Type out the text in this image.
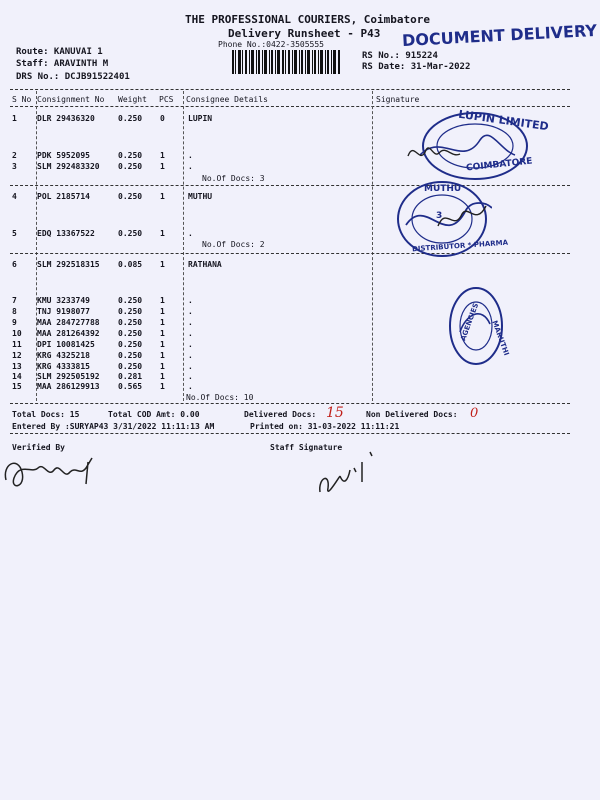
THE PROFESSIONAL COURIERS, Coimbatore
Delivery Runsheet - P43
Phone No.:0422-3505555	DOCUMENT DELIVERY
Route: KANUVAI 1
Staff: ARAVINTH M
DRS No.: DCJB91522401
RS No.: 915224
RS Date: 31-Mar-2022
S No Consignment No Weight PCS Consignee Details	Signature
1	DLR 29436320	0.250 0	LUPIN
2	PDK 5952095	0.250 1	.
3	SLM 292483320 0.250 1	.
No.Of Docs: 3
4	POL 2185714	0.250 1	MUTHU
5	EDQ 13367522	0.250 1	.
No.Of Docs: 2
6	SLM 292518315 0.085 1	RATHANA
7	KMU 3233749	0.250 1	.
8	TNJ 9198077	0.250 1	.
9	MAA 284727788 0.250 1	.
10 MAA 281264392 0.250 1	.
11 DPI 10081425	0.250 1	.
12 KRG 4325218	0.250 1	.
13 KRG 4333815	0.250 1	.
14 SLM 292505192 0.281 1	.
15 MAA 286129913 0.565 1	.
No.Of Docs: 10
LUPIN LIMITED
COIMBATORE
MUTHU
DISTRIBUTOR * PHARMA
3
AGENCIES MARUTHI
Total Docs: 15	Total COD Amt: 0.00	Delivered Docs: 15	Non Delivered Docs: 0
Entered By :SURYAP43 3/31/2022 11:11:13 AM	Printed on: 31-03-2022 11:11:21
Verified By	Staff Signature
